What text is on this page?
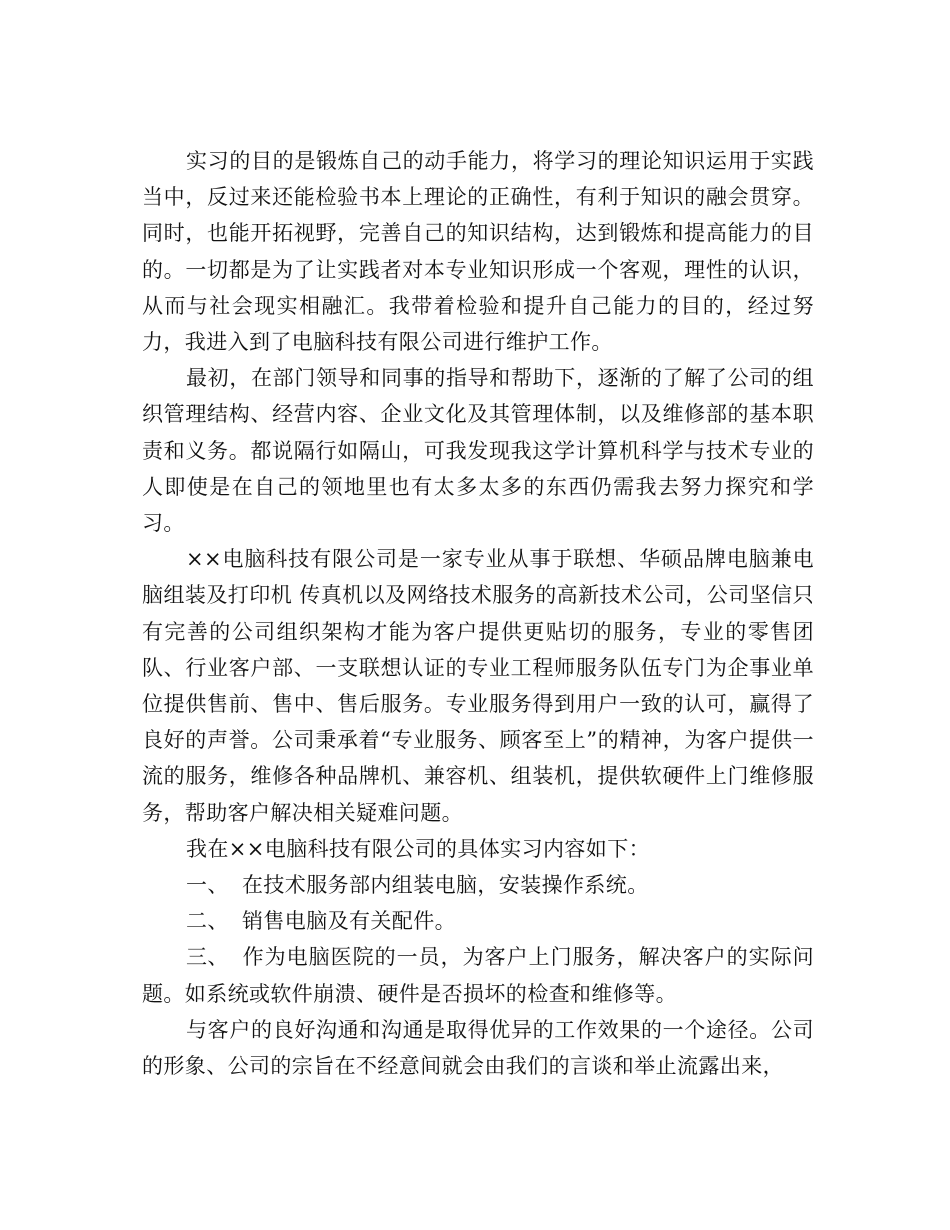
实习的目的是锻炼自己的动手能力，将学习的理论知识运用于实践当中，反过来还能检验书本上理论的正确性，有利于知识的融会贯穿。同时，也能开拓视野，完善自己的知识结构，达到锻炼和提高能力的目的。一切都是为了让实践者对本专业知识形成一个客观，理性的认识，从而与社会现实相融汇。我带着检验和提升自己能力的目的，经过努力，我进入到了电脑科技有限公司进行维护工作。

最初，在部门领导和同事的指导和帮助下，逐渐的了解了公司的组织管理结构、经营内容、企业文化及其管理体制，以及维修部的基本职责和义务。都说隔行如隔山，可我发现我这学计算机科学与技术专业的人即使是在自己的领地里也有太多太多的东西仍需我去努力探究和学习。

××电脑科技有限公司是一家专业从事于联想、华硕品牌电脑兼电脑组装及打印机 传真机以及网络技术服务的高新技术公司，公司坚信只有完善的公司组织架构才能为客户提供更贴切的服务，专业的零售团队、行业客户部、一支联想认证的专业工程师服务队伍专门为企事业单位提供售前、售中、售后服务。专业服务得到用户一致的认可，赢得了良好的声誉。公司秉承着“专业服务、顾客至上”的精神，为客户提供一流的服务，维修各种品牌机、兼容机、组装机，提供软硬件上门维修服务，帮助客户解决相关疑难问题。

我在××电脑科技有限公司的具体实习内容如下：

一、 在技术服务部内组装电脑，安装操作系统。

二、 销售电脑及有关配件。

三、 作为电脑医院的一员，为客户上门服务，解决客户的实际问题。如系统或软件崩溃、硬件是否损坏的检查和维修等。

与客户的良好沟通和沟通是取得优异的工作效果的一个途径。公司的形象、公司的宗旨在不经意间就会由我们的言谈和举止流露出来，
